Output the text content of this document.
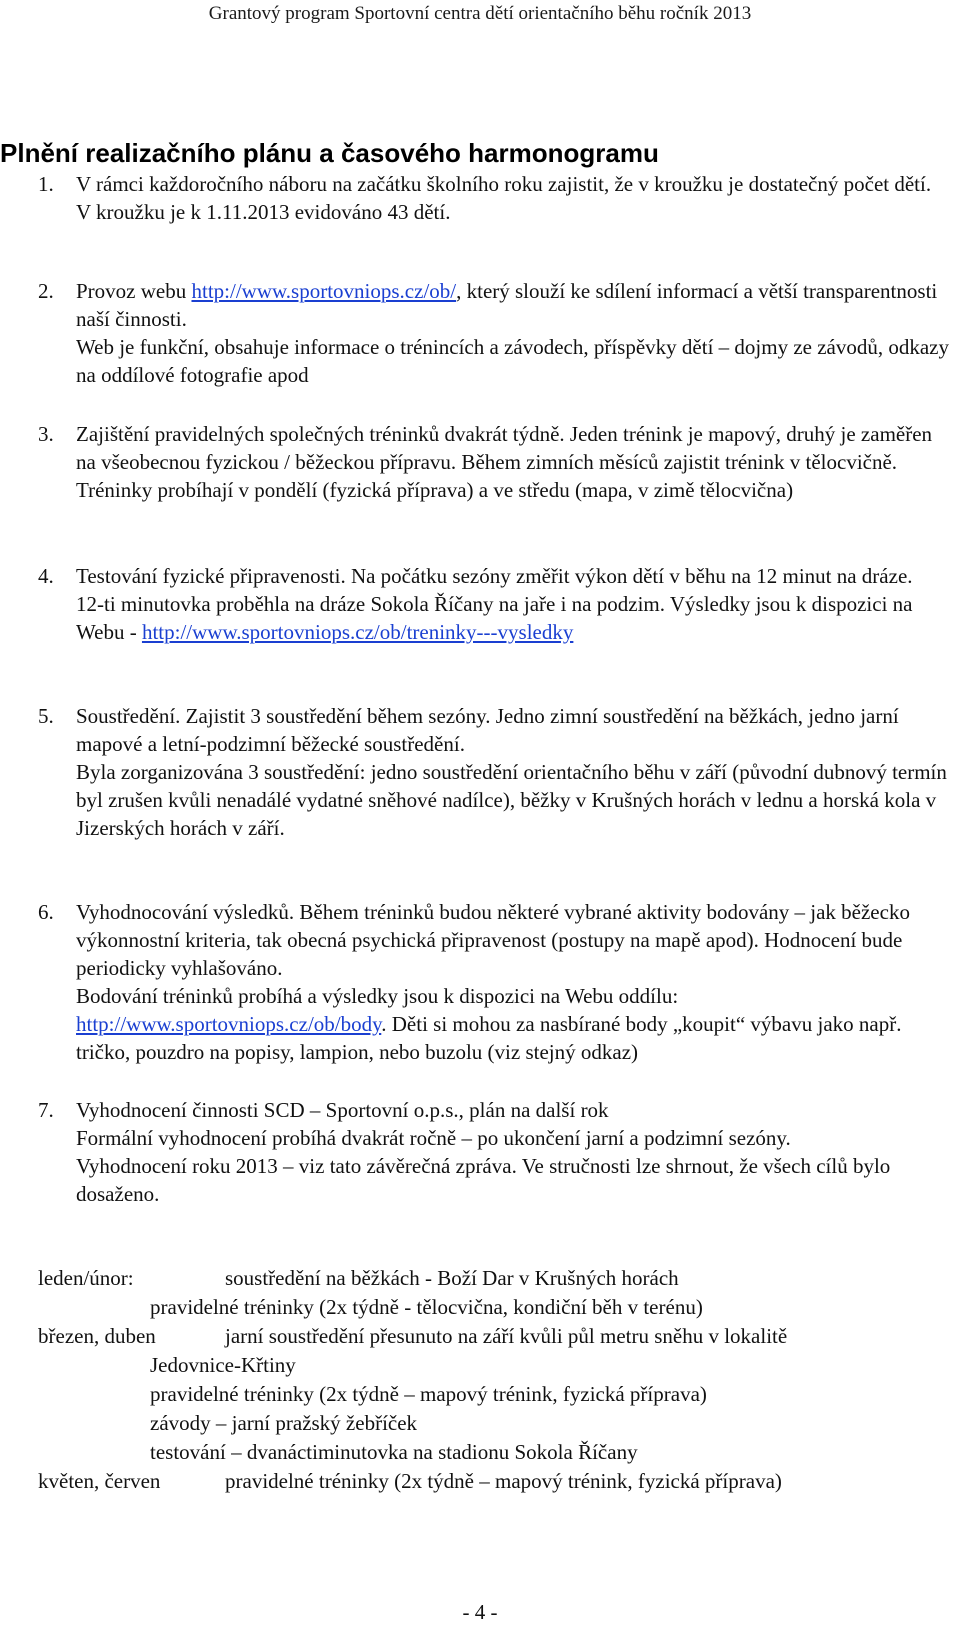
Grantový program Sportovní centra dětí orientačního běhu ročník 2013
Plnění realizačního plánu a časového harmonogramu
1.	V rámci každoročního náboru na začátku školního roku zajistit, že v kroužku je dostatečný počet dětí.

V kroužku je k 1.11.2013 evidováno 43 dětí.

2.	Provoz webu http://www.sportovniops.cz/ob/, který slouží ke sdílení informací a větší transparentnosti naší činnosti.

Web je funkční, obsahuje informace o trénincích a závodech, příspěvky dětí – dojmy ze závodů, odkazy na oddílové fotografie apod

3.	Zajištění pravidelných společných tréninků dvakrát týdně. Jeden trénink je mapový, druhý je zaměřen na všeobecnou fyzickou / běžeckou přípravu. Během zimních měsíců zajistit trénink v tělocvičně.

Tréninky probíhají v pondělí (fyzická příprava) a ve středu (mapa, v zimě tělocvična)

4.	Testování fyzické připravenosti. Na počátku sezóny změřit výkon dětí v běhu na 12 minut na dráze.

12-ti minutovka proběhla na dráze Sokola Říčany na jaře i na podzim. Výsledky jsou k dispozici na Webu - http://www.sportovniops.cz/ob/treninky---vysledky

5.	Soustředění. Zajistit 3 soustředění během sezóny. Jedno zimní soustředění na běžkách, jedno jarní mapové a letní-podzimní běžecké soustředění.

Byla zorganizována 3 soustředění: jedno soustředění orientačního běhu v září (původní dubnový termín byl zrušen kvůli nenadálé vydatné sněhové nadílce), běžky v Krušných horách v lednu a horská kola v Jizerských horách v září.

6.	Vyhodnocování výsledků. Během tréninků budou některé vybrané aktivity bodovány – jak běžecko výkonnostní kriteria, tak obecná psychická připravenost (postupy na mapě apod). Hodnocení bude periodicky vyhlašováno.

Bodování tréninků probíhá a výsledky jsou k dispozici na Webu oddílu:

http://www.sportovniops.cz/ob/body. Děti si mohou za nasbírané body „koupit“ výbavu jako např. tričko, pouzdro na popisy, lampion, nebo buzolu (viz stejný odkaz)

7.	Vyhodnocení činnosti SCD – Sportovní o.p.s., plán na další rok

Formální vyhodnocení probíhá dvakrát ročně – po ukončení jarní a podzimní sezóny.

Vyhodnocení roku 2013 – viz tato závěrečná zpráva. Ve stručnosti lze shrnout, že všech cílů bylo dosaženo.

leden/únor:	soustředění na běžkách - Boží Dar v Krušných horách
pravidelné tréninky (2x týdně - tělocvična, kondiční běh v terénu)
březen, duben	jarní soustředění přesunuto na září kvůli půl metru sněhu v lokalitě
Jedovnice-Křtiny
pravidelné tréninky (2x týdně – mapový trénink, fyzická příprava)
závody – jarní pražský žebříček
testování – dvanáctiminutovka na stadionu Sokola Říčany
květen, červen	pravidelné tréninky (2x týdně – mapový trénink, fyzická příprava)
- 4 -
